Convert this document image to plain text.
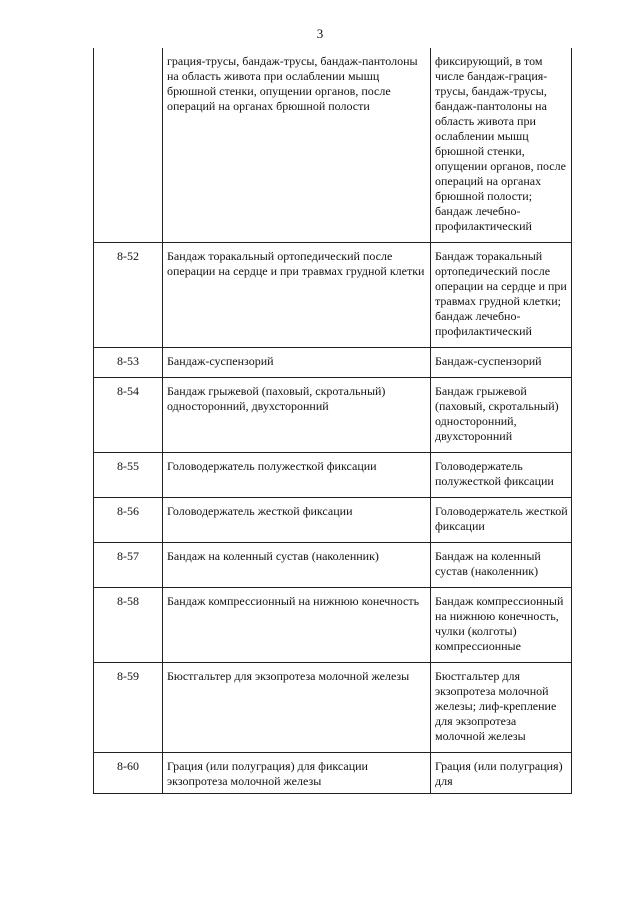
3
	грация-трусы, бандаж-трусы, бандаж-пантолоны на область живота при ослаблении мышц брюшной стенки, опущении органов, после операций на органах брюшной полости	фиксирующий, в том числе бандаж-грация-трусы, бандаж-трусы, бандаж-пантолоны на область живота при ослаблении мышц брюшной стенки, опущении органов, после операций на органах брюшной полости; бандаж лечебно-профилактический
8-52	Бандаж торакальный ортопедический после операции на сердце и при травмах грудной клетки	Бандаж торакальный ортопедический после операции на сердце и при травмах грудной клетки; бандаж лечебно-профилактический
8-53	Бандаж-суспензорий	Бандаж-суспензорий
8-54	Бандаж грыжевой (паховый, скротальный) односторонний, двухсторонний	Бандаж грыжевой (паховый, скротальный) односторонний, двухсторонний
8-55	Головодержатель полужесткой фиксации	Головодержатель полужесткой фиксации
8-56	Головодержатель жесткой фиксации	Головодержатель жесткой фиксации
8-57	Бандаж на коленный сустав (наколенник)	Бандаж на коленный сустав (наколенник)
8-58	Бандаж компрессионный на нижнюю конечность	Бандаж компрессионный на нижнюю конечность, чулки (колготы) компрессионные
8-59	Бюстгальтер для экзопротеза молочной железы	Бюстгальтер для экзопротеза молочной железы; лиф-крепление для экзопротеза молочной железы
8-60	Грация (или полуграция) для фиксации экзопротеза молочной железы	Грация (или полуграция) для
